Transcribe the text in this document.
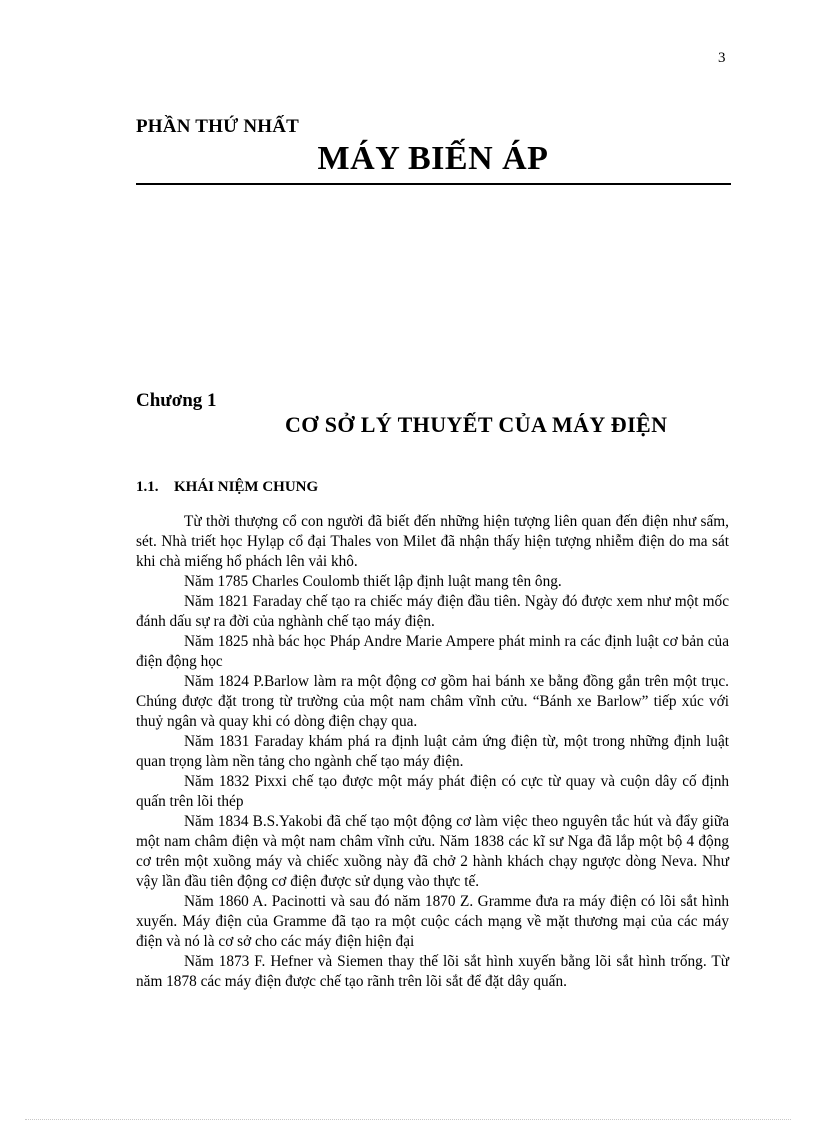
3
PHẦN THỨ NHẤT
MÁY BIẾN ÁP
Chương 1
CƠ SỞ LÝ THUYẾT CỦA MÁY ĐIỆN
1.1. KHÁI NIỆM CHUNG

Từ thời thượng cổ con người đã biết đến những hiện tượng liên quan đến điện như sấm, sét. Nhà triết học Hylạp cổ đại Thales von Milet đã nhận thấy hiện tượng nhiễm điện do ma sát khi chà miếng hổ phách lên vải khô.

Năm 1785 Charles Coulomb thiết lập định luật mang tên ông.

Năm 1821 Faraday chế tạo ra chiếc máy điện đầu tiên. Ngày đó được xem như một mốc đánh dấu sự ra đời của nghành chế tạo máy điện.

Năm 1825 nhà bác học Pháp Andre Marie Ampere phát minh ra các định luật cơ bản của điện động học

Năm 1824 P.Barlow làm ra một động cơ gồm hai bánh xe bằng đồng gắn trên một trục. Chúng được đặt trong từ trường của một nam châm vĩnh cửu. “Bánh xe Barlow” tiếp xúc với thuỷ ngân và quay khi có dòng điện chạy qua.

Năm 1831 Faraday khám phá ra định luật cảm ứng điện từ, một trong những định luật quan trọng làm nền tảng cho ngành chế tạo máy điện.

Năm 1832 Pixxi chế tạo được một máy phát điện có cực từ quay và cuộn dây cố định quấn trên lõi thép

Năm 1834 B.S.Yakobi đã chế tạo một động cơ làm việc theo nguyên tắc hút và đẩy giữa một nam châm điện và một nam châm vĩnh cửu. Năm 1838 các kĩ sư Nga đã lắp một bộ 4 động cơ trên một xuồng máy và chiếc xuồng này đã chở 2 hành khách chạy ngược dòng Neva. Như vậy lần đầu tiên động cơ điện được sử dụng vào thực tế.

Năm 1860 A. Pacinotti và sau đó năm 1870 Z. Gramme đưa ra máy điện có lõi sắt hình xuyến. Máy điện của Gramme đã tạo ra một cuộc cách mạng về mặt thương mại của các máy điện và nó là cơ sở cho các máy điện hiện đại

Năm 1873 F. Hefner và Siemen thay thế lõi sắt hình xuyến bằng lõi sắt hình trống. Từ năm 1878 các máy điện được chế tạo rãnh trên lõi sắt để đặt dây quấn.
